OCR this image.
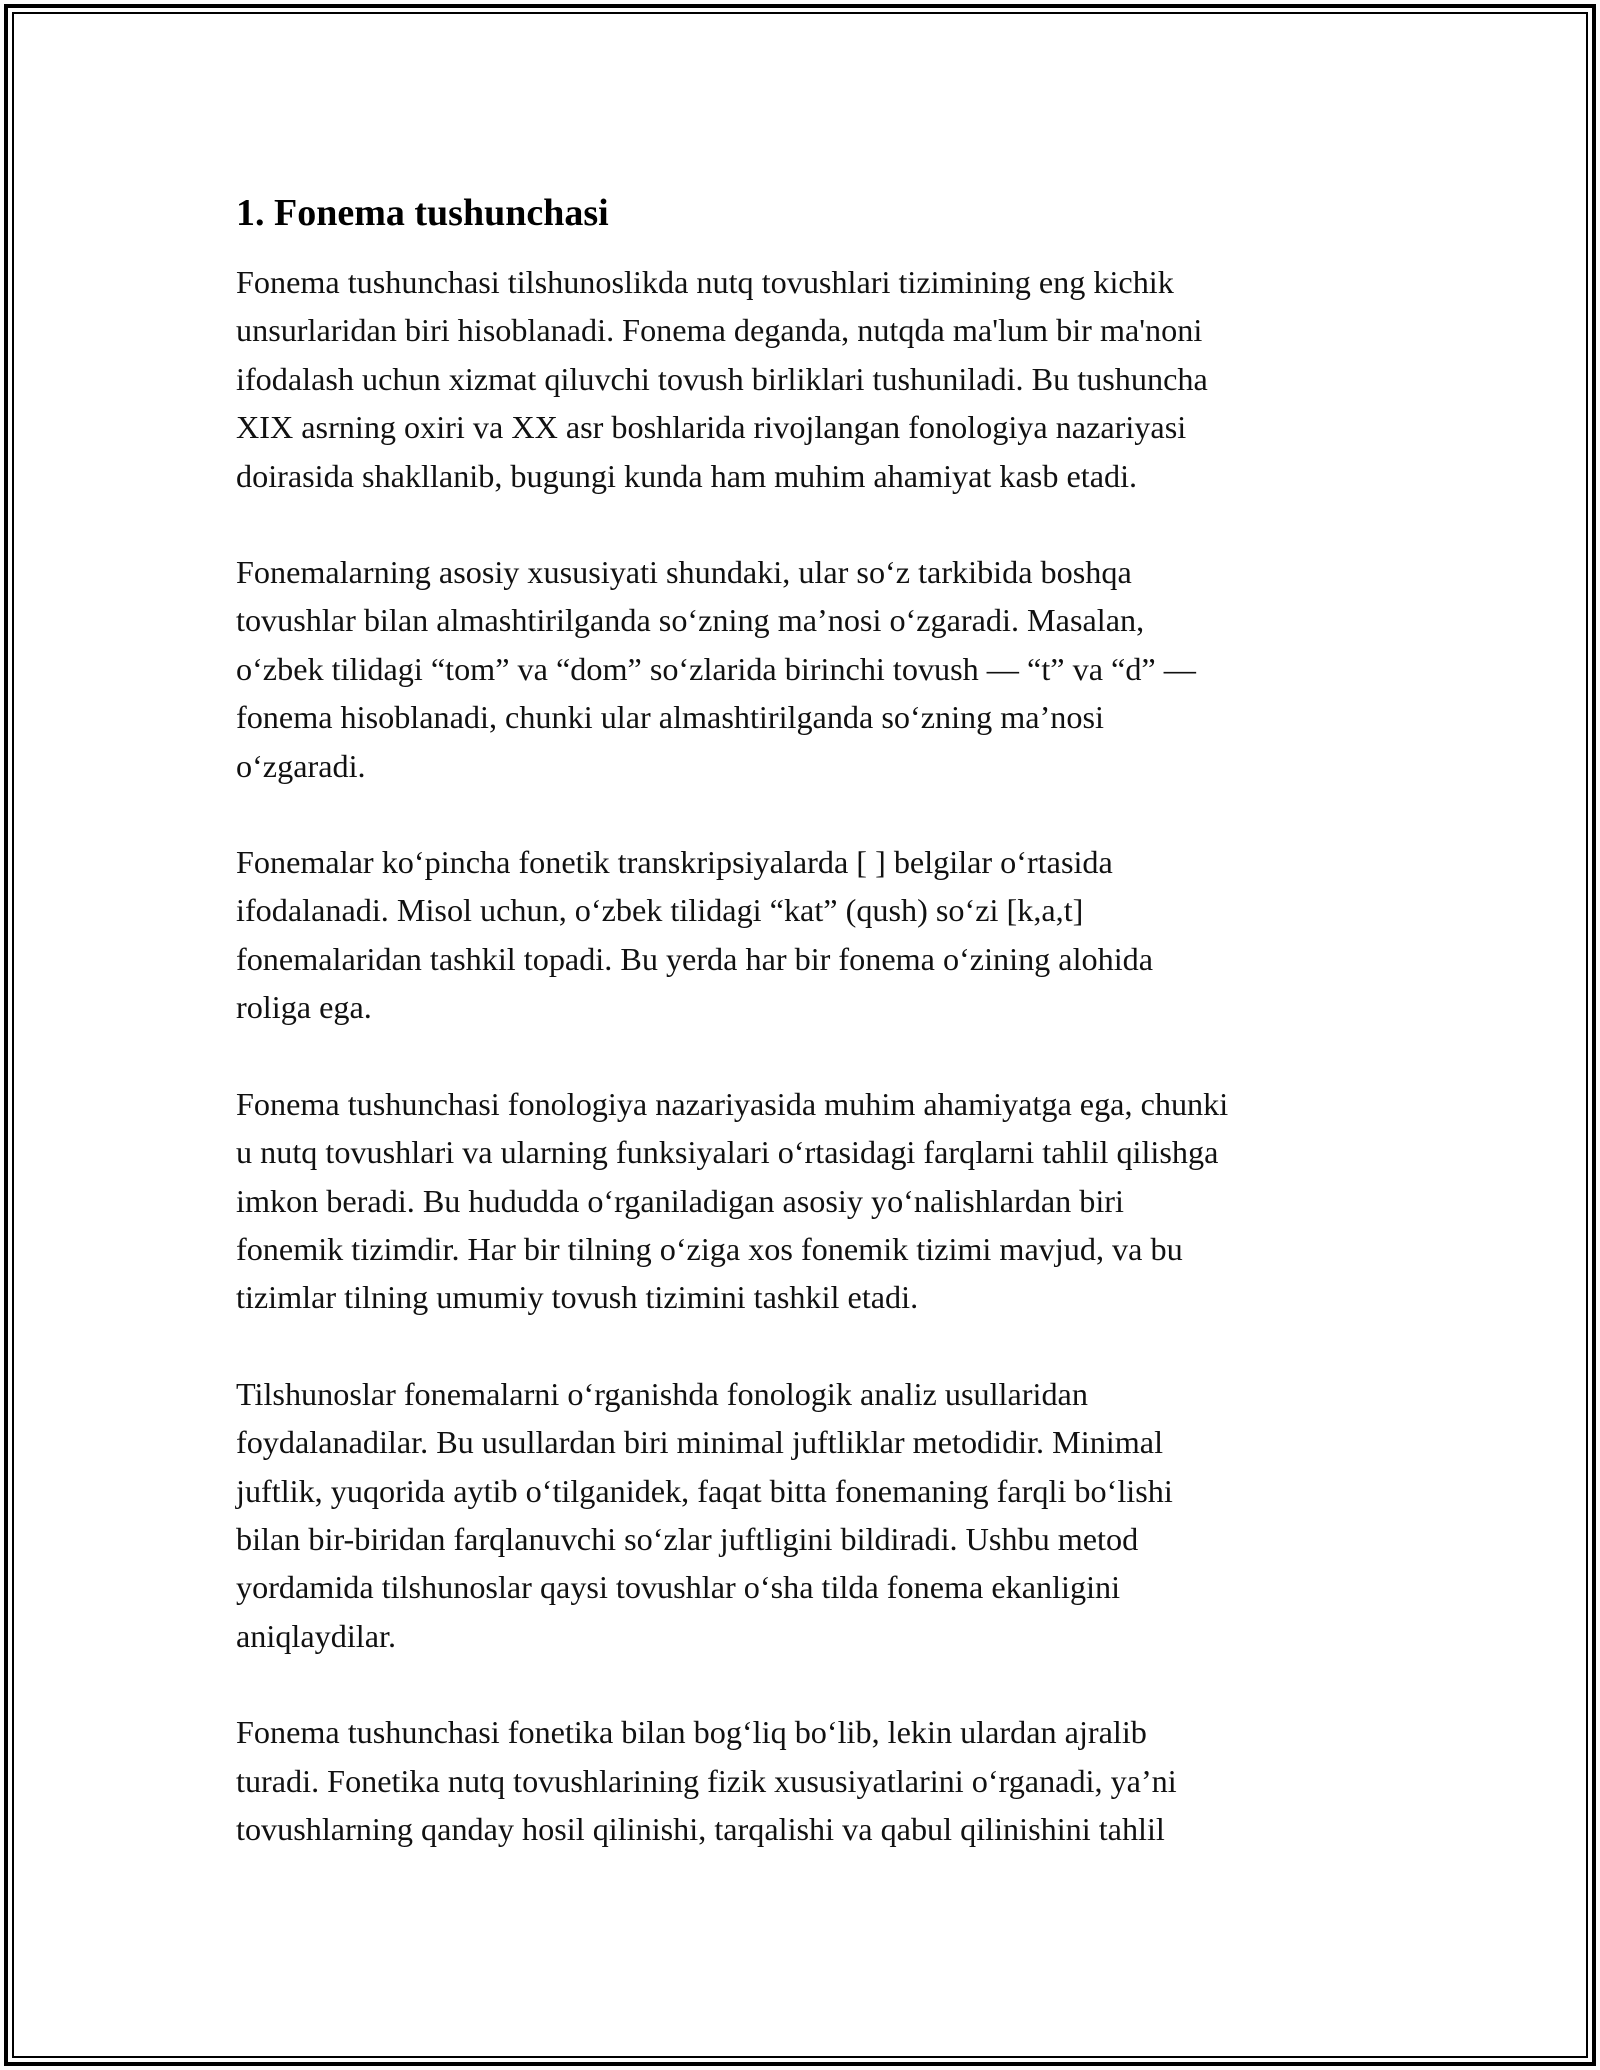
1. Fonema tushunchasi

Fonema tushunchasi tilshunoslikda nutq tovushlari tizimining eng kichik
unsurlaridan biri hisoblanadi. Fonema deganda, nutqda ma'lum bir ma'noni
ifodalash uchun xizmat qiluvchi tovush birliklari tushuniladi. Bu tushuncha
XIX asrning oxiri va XX asr boshlarida rivojlangan fonologiya nazariyasi
doirasida shakllanib, bugungi kunda ham muhim ahamiyat kasb etadi.

Fonemalarning asosiy xususiyati shundaki, ular so‘z tarkibida boshqa
tovushlar bilan almashtirilganda so‘zning ma’nosi o‘zgaradi. Masalan,
o‘zbek tilidagi “tom” va “dom” so‘zlarida birinchi tovush — “t” va “d” —
fonema hisoblanadi, chunki ular almashtirilganda so‘zning ma’nosi
o‘zgaradi.

Fonemalar ko‘pincha fonetik transkripsiyalarda [ ] belgilar o‘rtasida
ifodalanadi. Misol uchun, o‘zbek tilidagi “kat” (qush) so‘zi [k,a,t]
fonemalaridan tashkil topadi. Bu yerda har bir fonema o‘zining alohida
roliga ega.

Fonema tushunchasi fonologiya nazariyasida muhim ahamiyatga ega, chunki
u nutq tovushlari va ularning funksiyalari o‘rtasidagi farqlarni tahlil qilishga
imkon beradi. Bu hududda o‘rganiladigan asosiy yo‘nalishlardan biri
fonemik tizimdir. Har bir tilning o‘ziga xos fonemik tizimi mavjud, va bu
tizimlar tilning umumiy tovush tizimini tashkil etadi.

Tilshunoslar fonemalarni o‘rganishda fonologik analiz usullaridan
foydalanadilar. Bu usullardan biri minimal juftliklar metodidir. Minimal
juftlik, yuqorida aytib o‘tilganidek, faqat bitta fonemaning farqli bo‘lishi
bilan bir-biridan farqlanuvchi so‘zlar juftligini bildiradi. Ushbu metod
yordamida tilshunoslar qaysi tovushlar o‘sha tilda fonema ekanligini
aniqlaydilar.

Fonema tushunchasi fonetika bilan bog‘liq bo‘lib, lekin ulardan ajralib
turadi. Fonetika nutq tovushlarining fizik xususiyatlarini o‘rganadi, ya’ni
tovushlarning qanday hosil qilinishi, tarqalishi va qabul qilinishini tahlil
